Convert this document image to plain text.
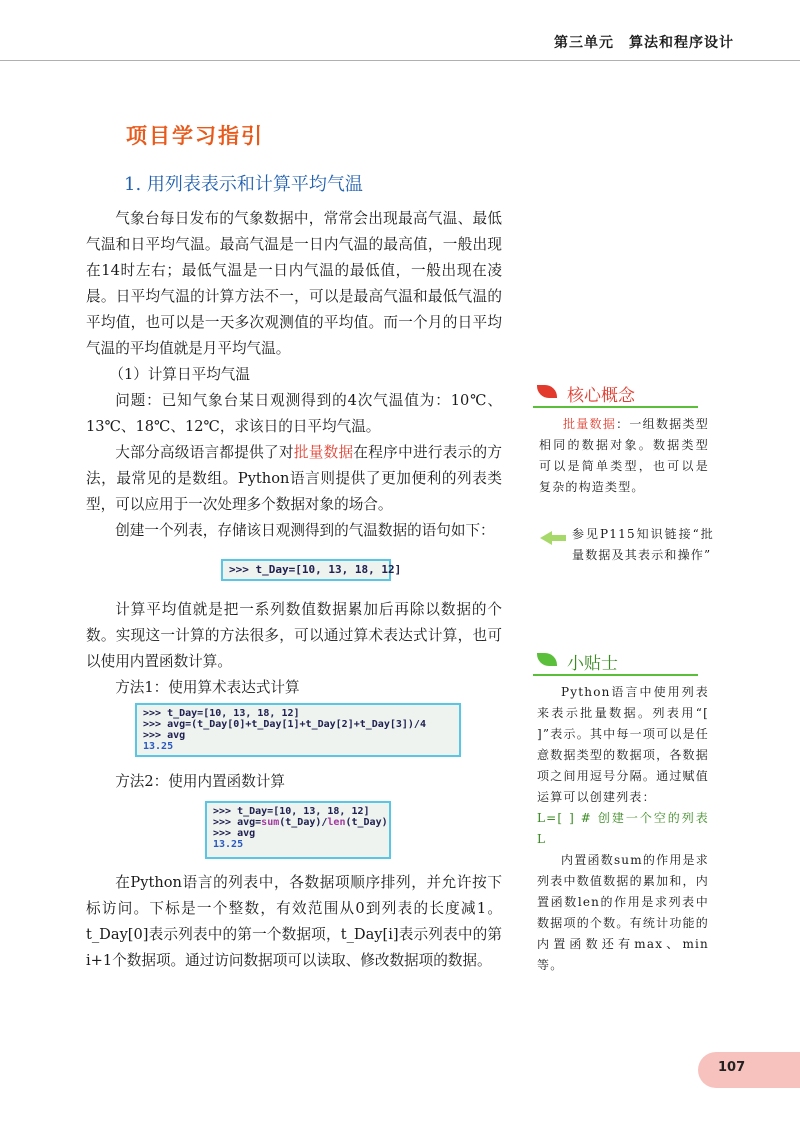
第三单元　算法和程序设计
项目学习指引
1. 用列表表示和计算平均气温

气象台每日发布的气象数据中，常常会出现最高气温、最低气温和日平均气温。最高气温是一日内气温的最高值，一般出现在14时左右；最低气温是一日内气温的最低值，一般出现在凌晨。日平均气温的计算方法不一，可以是最高气温和最低气温的平均值，也可以是一天多次观测值的平均值。而一个月的日平均气温的平均值就是月平均气温。

（1）计算日平均气温

问题：已知气象台某日观测得到的4次气温值为：10℃、13℃、18℃、12℃，求该日的日平均气温。

大部分高级语言都提供了对批量数据在程序中进行表示的方法，最常见的是数组。Python语言则提供了更加便利的列表类型，可以应用于一次处理多个数据对象的场合。

创建一个列表，存储该日观测得到的气温数据的语句如下：

>>> t_Day=[10, 13, 18, 12]

计算平均值就是把一系列数值数据累加后再除以数据的个数。实现这一计算的方法很多，可以通过算术表达式计算，也可以使用内置函数计算。

方法1：使用算术表达式计算

>>> t_Day=[10, 13, 18, 12]
>>> avg=(t_Day[0]+t_Day[1]+t_Day[2]+t_Day[3])/4
>>> avg
13.25

方法2：使用内置函数计算

>>> t_Day=[10, 13, 18, 12]
>>> avg=sum(t_Day)/len(t_Day)
>>> avg
13.25

在Python语言的列表中，各数据项顺序排列，并允许按下标访问。下标是一个整数，有效范围从0到列表的长度减1。t_Day[0]表示列表中的第一个数据项，t_Day[i]表示列表中的第i+1个数据项。通过访问数据项可以读取、修改数据项的数据。

核心概念

批量数据：一组数据类型相同的数据对象。数据类型可以是简单类型，也可以是复杂的构造类型。

参见P115知识链接“批量数据及其表示和操作”

小贴士

Python语言中使用列表来表示批量数据。列表用“[ ]”表示。其中每一项可以是任意数据类型的数据项，各数据项之间用逗号分隔。通过赋值运算可以创建列表：

L=[ ] # 创建一个空的列表 L

内置函数sum的作用是求列表中数值数据的累加和，内置函数len的作用是求列表中数据项的个数。有统计功能的内置函数还有max、min等。

107
